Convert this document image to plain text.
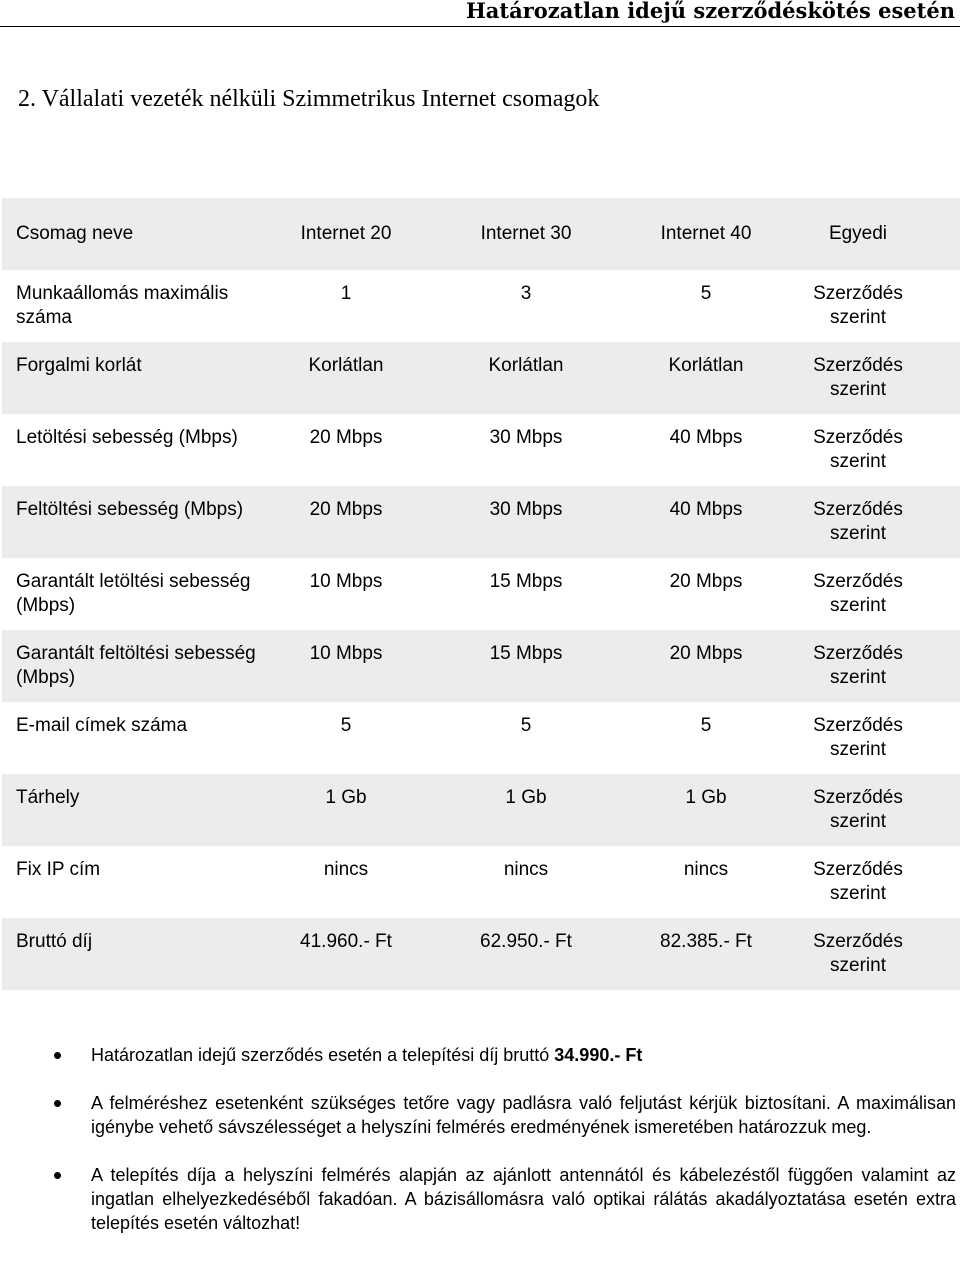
Határozatlan idejű szerződéskötés esetén
2. Vállalati vezeték nélküli Szimmetrikus Internet csomagok
Csomag neve	Internet 20	Internet 30	Internet 40	Egyedi

Munkaállomás maximális száma	1	3	5	Szerződés szerint

Forgalmi korlát	Korlátlan	Korlátlan	Korlátlan	Szerződés szerint

Letöltési sebesség (Mbps)	20 Mbps	30 Mbps	40 Mbps	Szerződés szerint

Feltöltési sebesség (Mbps)	20 Mbps	30 Mbps	40 Mbps	Szerződés szerint

Garantált letöltési sebesség (Mbps)	10 Mbps	15 Mbps	20 Mbps	Szerződés szerint

Garantált feltöltési sebesség (Mbps)	10 Mbps	15 Mbps	20 Mbps	Szerződés szerint

E-mail címek száma	5	5	5	Szerződés szerint

Tárhely	1 Gb	1 Gb	1 Gb	Szerződés szerint

Fix IP cím	nincs	nincs	nincs	Szerződés szerint

Bruttó díj	41.960.- Ft	62.950.- Ft	82.385.- Ft	Szerződés szerint
Határozatlan idejű szerződés esetén a telepítési díj bruttó 34.990.- Ft
A felméréshez esetenként szükséges tetőre vagy padlásra való feljutást kérjük biztosítani. A maximálisan igénybe vehető sávszélességet a helyszíni felmérés eredményének ismeretében határozzuk meg.
A telepítés díja a helyszíni felmérés alapján az ajánlott antennától és kábelezéstől függően valamint az ingatlan elhelyezkedéséből fakadóan. A bázisállomásra való optikai rálátás akadályoztatása esetén extra telepítés esetén változhat!
